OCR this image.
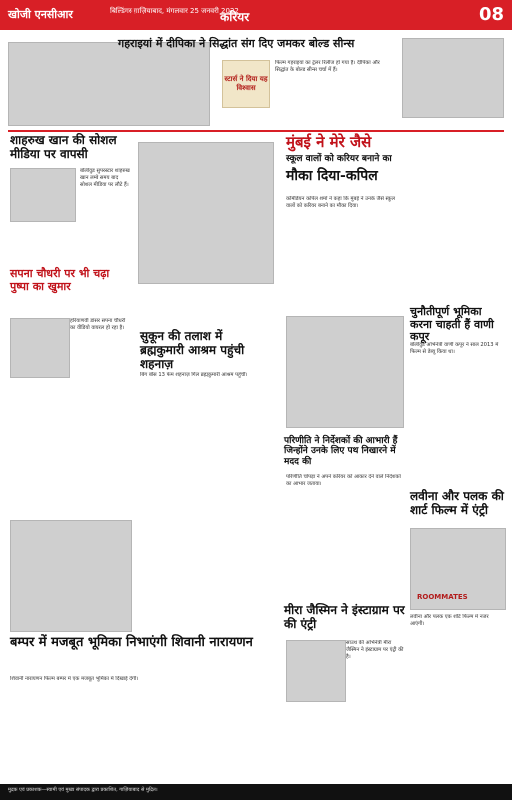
खोजी एनसीआर	बिल्डिंगस्‍ ग़ाज़ियाबाद, मंगलवार 25 जनवरी 2022
करियर	08
गहराइयां में दीपिका ने सिद्धांत संग दिए जमकर बोल्ड सीन्स
स्टार्स ने दिया यह विश्वास
फिल्म गहराइयां का ट्रेलर रिलीज हो गया है। दीपिका और सिद्धांत के बोल्ड सीन्स चर्चा में हैं।
शाहरुख खान की सोशल मीडिया पर वापसी
बॉलीवुड सुपरस्टार शाहरुख खान लम्बे समय बाद सोशल मीडिया पर लौटे हैं।
सुकून की तलाश में ब्रह्मकुमारी आश्रम पहुंची शहनाज़
बिग बॉस 13 फेम शहनाज़ गिल ब्रह्मकुमारी आश्रम पहुंचीं।
मुंबई ने मेरे जैसे
स्कूल वालों को करियर बनाने का
मौका दिया-कपिल
कॉमेडियन कपिल शर्मा ने कहा कि मुंबई ने उनके जैसे स्कूल वालों को करियर बनाने का मौका दिया।
चुनौतीपूर्ण भूमिका करना चाहती हैं वाणी कपूर
बॉलीवुड अभिनेत्री वाणी कपूर ने साल 2013 में फिल्म से डेब्यू किया था।
सपना चौधरी पर भी चढ़ा पुष्पा का खुमार
हरियाणवी डांसर सपना चौधरी का वीडियो वायरल हो रहा है।
परिणीति ने निर्देशकों की आभारी हैं जिन्होंने उनके लिए पथ निखारने में मदद की
परिणीति चोपड़ा ने अपने करियर को आकार देने वाले निर्देशकों का आभार जताया।
लवीना और पलक की शार्ट फिल्म में एंट्री
ROOMMATES
लवीना और पलक एक शॉर्ट फिल्म में नजर आएंगी।
मीरा जैस्मिन ने इंस्टाग्राम पर की एंट्री
साउथ की अभिनेत्री मीरा जैस्मिन ने इंस्टाग्राम पर एंट्री की है।
बम्पर में मजबूत भूमिका निभाएंगी शिवानी नारायणन
शिवानी नारायणन फिल्म बम्पर में एक मजबूत भूमिका में दिखाई देंगी।
मुद्रक एवं प्रकाशक—स्वामी एवं मुख्य संपादक द्वारा प्रकाशित, गाज़ियाबाद से मुद्रित।
